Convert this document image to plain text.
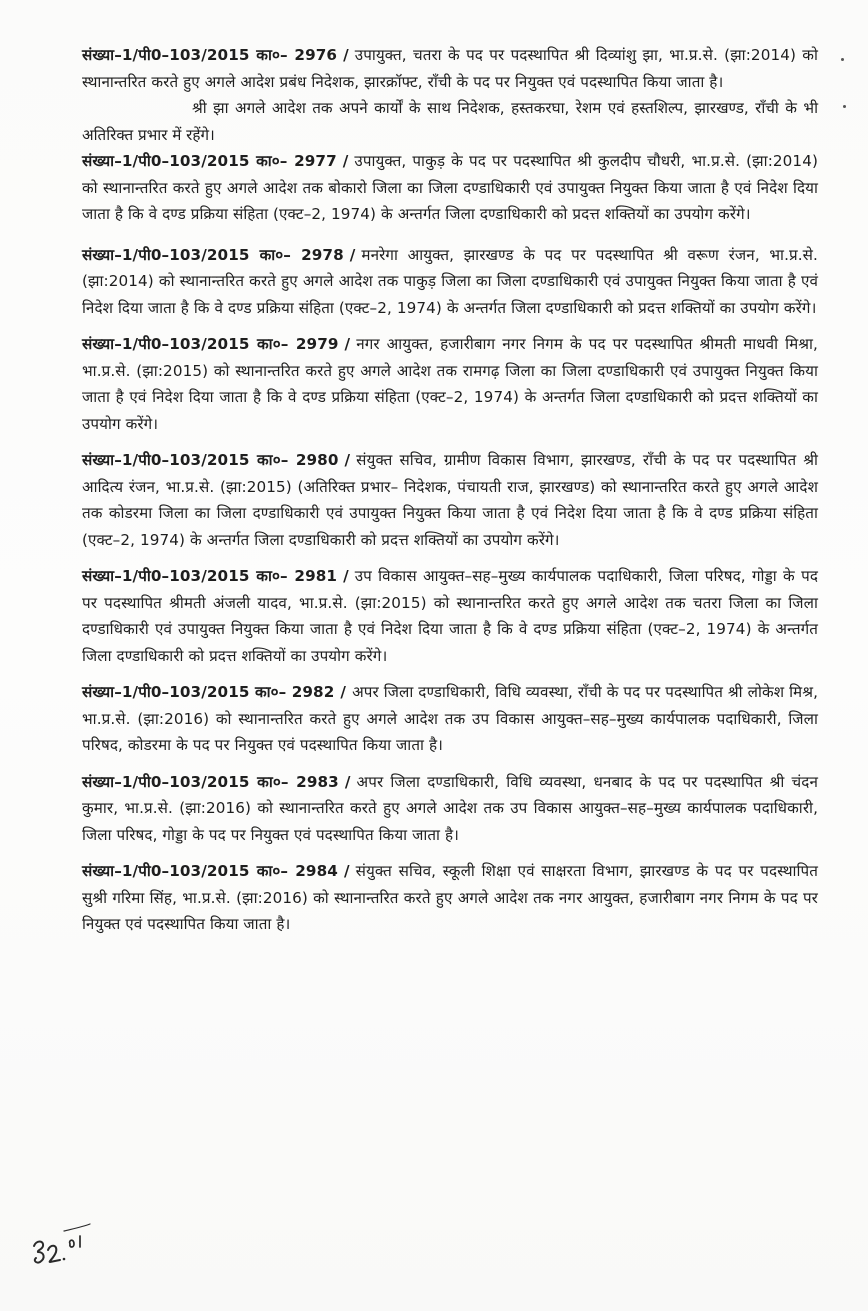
संख्या–1/पी0–103/2015 का०– 2976 / उपायुक्त, चतरा के पद पर पदस्थापित श्री दिव्यांशु झा, भा.प्र.से. (झा:2014) को स्थानान्तरित करते हुए अगले आदेश प्रबंध निदेशक, झारक्रॉफ्ट, राँची के पद पर नियुक्त एवं पदस्थापित किया जाता है।

श्री झा अगले आदेश तक अपने कार्यों के साथ निदेशक, हस्तकरघा, रेशम एवं हस्तशिल्प, झारखण्ड, राँची के भी अतिरिक्त प्रभार में रहेंगे।

संख्या–1/पी0–103/2015 का०– 2977 / उपायुक्त, पाकुड़ के पद पर पदस्थापित श्री कुलदीप चौधरी, भा.प्र.से. (झा:2014) को स्थानान्तरित करते हुए अगले आदेश तक बोकारो जिला का जिला दण्डाधिकारी एवं उपायुक्त नियुक्त किया जाता है एवं निदेश दिया जाता है कि वे दण्ड प्रक्रिया संहिता (एक्ट–2, 1974) के अन्तर्गत जिला दण्डाधिकारी को प्रदत्त शक्तियों का उपयोग करेंगे।

संख्या–1/पी0–103/2015 का०– 2978 / मनरेगा आयुक्त, झारखण्ड के पद पर पदस्थापित श्री वरूण रंजन, भा.प्र.से. (झा:2014) को स्थानान्तरित करते हुए अगले आदेश तक पाकुड़ जिला का जिला दण्डाधिकारी एवं उपायुक्त नियुक्त किया जाता है एवं निदेश दिया जाता है कि वे दण्ड प्रक्रिया संहिता (एक्ट–2, 1974) के अन्तर्गत जिला दण्डाधिकारी को प्रदत्त शक्तियों का उपयोग करेंगे।

संख्या–1/पी0–103/2015 का०– 2979 / नगर आयुक्त, हजारीबाग नगर निगम के पद पर पदस्थापित श्रीमती माधवी मिश्रा, भा.प्र.से. (झा:2015) को स्थानान्तरित करते हुए अगले आदेश तक रामगढ़ जिला का जिला दण्डाधिकारी एवं उपायुक्त नियुक्त किया जाता है एवं निदेश दिया जाता है कि वे दण्ड प्रक्रिया संहिता (एक्ट–2, 1974) के अन्तर्गत जिला दण्डाधिकारी को प्रदत्त शक्तियों का उपयोग करेंगे।

संख्या–1/पी0–103/2015 का०– 2980 / संयुक्त सचिव, ग्रामीण विकास विभाग, झारखण्ड, राँची के पद पर पदस्थापित श्री आदित्य रंजन, भा.प्र.से. (झा:2015) (अतिरिक्त प्रभार– निदेशक, पंचायती राज, झारखण्ड) को स्थानान्तरित करते हुए अगले आदेश तक कोडरमा जिला का जिला दण्डाधिकारी एवं उपायुक्त नियुक्त किया जाता है एवं निदेश दिया जाता है कि वे दण्ड प्रक्रिया संहिता (एक्ट–2, 1974) के अन्तर्गत जिला दण्डाधिकारी को प्रदत्त शक्तियों का उपयोग करेंगे।

संख्या–1/पी0–103/2015 का०– 2981 / उप विकास आयुक्त–सह–मुख्य कार्यपालक पदाधिकारी, जिला परिषद, गोड्डा के पद पर पदस्थापित श्रीमती अंजली यादव, भा.प्र.से. (झा:2015) को स्थानान्तरित करते हुए अगले आदेश तक चतरा जिला का जिला दण्डाधिकारी एवं उपायुक्त नियुक्त किया जाता है एवं निदेश दिया जाता है कि वे दण्ड प्रक्रिया संहिता (एक्ट–2, 1974) के अन्तर्गत जिला दण्डाधिकारी को प्रदत्त शक्तियों का उपयोग करेंगे।

संख्या–1/पी0–103/2015 का०– 2982 / अपर जिला दण्डाधिकारी, विधि व्यवस्था, राँची के पद पर पदस्थापित श्री लोकेश मिश्र, भा.प्र.से. (झा:2016) को स्थानान्तरित करते हुए अगले आदेश तक उप विकास आयुक्त–सह–मुख्य कार्यपालक पदाधिकारी, जिला परिषद, कोडरमा के पद पर नियुक्त एवं पदस्थापित किया जाता है।

संख्या–1/पी0–103/2015 का०– 2983 / अपर जिला दण्डाधिकारी, विधि व्यवस्था, धनबाद के पद पर पदस्थापित श्री चंदन कुमार, भा.प्र.से. (झा:2016) को स्थानान्तरित करते हुए अगले आदेश तक उप विकास आयुक्त–सह–मुख्य कार्यपालक पदाधिकारी, जिला परिषद, गोड्डा के पद पर नियुक्त एवं पदस्थापित किया जाता है।

संख्या–1/पी0–103/2015 का०– 2984 / संयुक्त सचिव, स्कूली शिक्षा एवं साक्षरता विभाग, झारखण्ड के पद पर पदस्थापित सुश्री गरिमा सिंह, भा.प्र.से. (झा:2016) को स्थानान्तरित करते हुए अगले आदेश तक नगर आयुक्त, हजारीबाग नगर निगम के पद पर नियुक्त एवं पदस्थापित किया जाता है।
